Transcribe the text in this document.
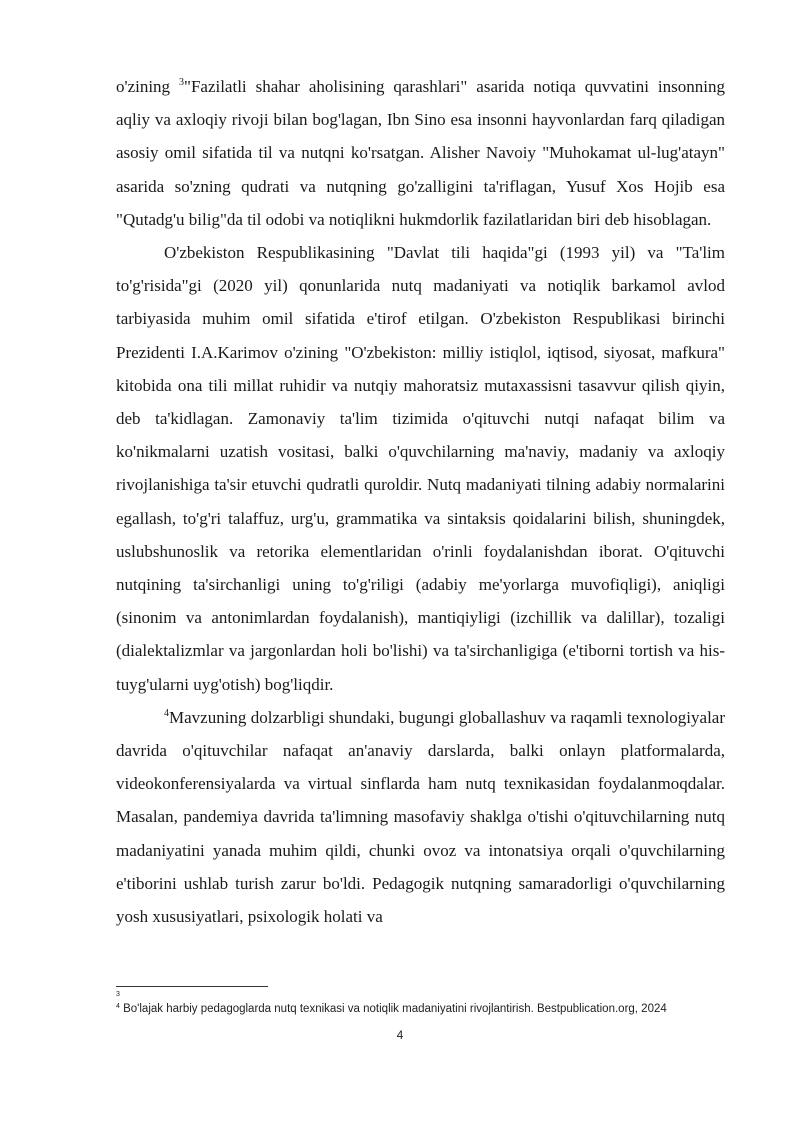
o'zining $^3$"Fazilatli shahar aholisining qarashlari" asarida notiqa quvvatini insonning aqliy va axloqiy rivoji bilan bog'lagan, Ibn Sino esa insonni hayvonlardan farq qiladigan asosiy omil sifatida til va nutqni ko'rsatgan. Alisher Navoiy "Muhokamat ul-lug'atayn" asarida so'zning qudrati va nutqning go'zalligini ta'riflagan, Yusuf Xos Hojib esa "Qutadg'u bilig"da til odobi va notiqlikni hukmdorlik fazilatlaridan biri deb hisoblagan.

O'zbekiston Respublikasining "Davlat tili haqida"gi (1993 yil) va "Ta'lim to'g'risida"gi (2020 yil) qonunlarida nutq madaniyati va notiqlik barkamol avlod tarbiyasida muhim omil sifatida e'tirof etilgan. O'zbekiston Respublikasi birinchi Prezidenti I.A.Karimov o'zining "O'zbekiston: milliy istiqlol, iqtisod, siyosat, mafkura" kitobida ona tili millat ruhidir va nutqiy mahoratsiz mutaxassisni tasavvur qilish qiyin, deb ta'kidlagan. Zamonaviy ta'lim tizimida o'qituvchi nutqi nafaqat bilim va ko'nikmalarni uzatish vositasi, balki o'quvchilarning ma'naviy, madaniy va axloqiy rivojlanishiga ta'sir etuvchi qudratli quroldir. Nutq madaniyati tilning adabiy normalarini egallash, to'g'ri talaffuz, urg'u, grammatika va sintaksis qoidalarini bilish, shuningdek, uslubshunoslik va retorika elementlaridan o'rinli foydalanishdan iborat. O'qituvchi nutqining ta'sirchanligi uning to'g'riligi (adabiy me'yorlarga muvofiqligi), aniqligi (sinonim va antonimlardan foydalanish), mantiqiyligi (izchillik va dalillar), tozaligi (dialektalizmlar va jargonlardan holi bo'lishi) va ta'sirchanligiga (e'tiborni tortish va his-tuyg'ularni uyg'otish) bog'liqdir.

$^4$Mavzuning dolzarbligi shundaki, bugungi globallashuv va raqamli texnologiyalar davrida o'qituvchilar nafaqat an'anaviy darslarda, balki onlayn platformalarda, videokonferensiyalarda va virtual sinflarda ham nutq texnikasidan foydalanmoqdalar. Masalan, pandemiya davrida ta'limning masofaviy shaklga o'tishi o'qituvchilarning nutq madaniyatini yanada muhim qildi, chunki ovoz va intonatsiya orqali o'quvchilarning e'tiborini ushlab turish zarur bo'ldi. Pedagogik nutqning samaradorligi o'quvchilarning yosh xususiyatlari, psixologik holati va

$^3$
$^4$ Bo'lajak harbiy pedagoglarda nutq texnikasi va notiqlik madaniyatini rivojlantirish. Bestpublication.org, 2024
4
